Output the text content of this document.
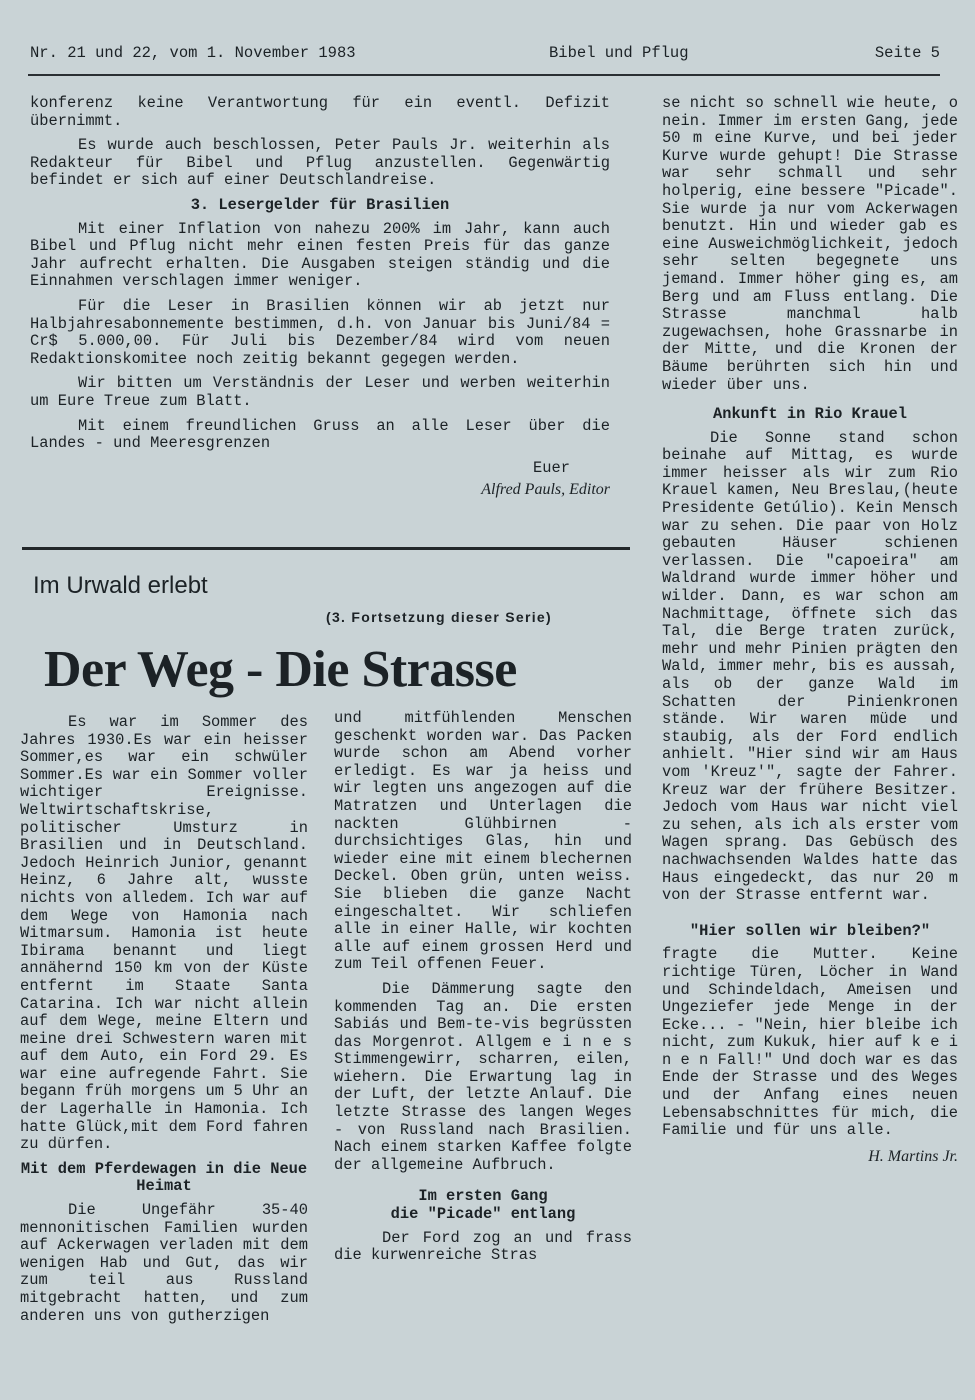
Nr. 21 und 22, vom 1. November 1983	Bibel und Pflug	Seite 5

konferenz keine Verantwortung für ein eventl. Defizit übernimmt.

Es wurde auch beschlossen, Peter Pauls Jr. weiterhin als Redakteur für Bibel und Pflug anzustellen. Gegenwärtig befindet er sich auf einer Deutschlandreise.

3. Lesergelder für Brasilien

Mit einer Inflation von nahezu 200% im Jahr, kann auch Bibel und Pflug nicht mehr einen festen Preis für das ganze Jahr aufrecht erhalten. Die Ausgaben steigen ständig und die Einnahmen verschlagen immer weniger.

Für die Leser in Brasilien können wir ab jetzt nur Halbjahresabonnemente bestimmen, d.h. von Januar bis Juni/84 = Cr$ 5.000,00. Für Juli bis Dezember/84 wird vom neuen Redaktionskomitee noch zeitig bekannt gegegen werden.

Wir bitten um Verständnis der Leser und werben weiterhin um Eure Treue zum Blatt.

Mit einem freundlichen Gruss an alle Leser über die Landes - und Meeresgrenzen

Euer

Alfred Pauls, Editor

Im Urwald erlebt
(3. Fortsetzung dieser Serie)
Der Weg - Die Strasse

Es war im Sommer des Jahres 1930.Es war ein heisser Sommer,es war ein schwüler Sommer.Es war ein Sommer voller wichtiger Ereignisse. Weltwirtschaftskrise, politischer Umsturz in Brasilien und in Deutschland. Jedoch Heinrich Junior, genannt Heinz, 6 Jahre alt, wusste nichts von alledem. Ich war auf dem Wege von Hamonia nach Witmarsum. Hamonia ist heute Ibirama benannt und liegt annähernd 150 km von der Küste entfernt im Staate Santa Catarina. Ich war nicht allein auf dem Wege, meine Eltern und meine drei Schwestern waren mit auf dem Auto, ein Ford 29. Es war eine aufregende Fahrt. Sie begann früh morgens um 5 Uhr an der Lagerhalle in Hamonia. Ich hatte Glück,mit dem Ford fahren zu dürfen.

Mit dem Pferdewagen in die Neue Heimat

Die Ungefähr 35-40 mennonitischen Familien wurden auf Ackerwagen verladen mit dem wenigen Hab und Gut, das wir zum teil aus Russland mitgebracht hatten, und zum anderen uns von gutherzigen

und mitfühlenden Menschen geschenkt worden war. Das Packen wurde schon am Abend vorher erledigt. Es war ja heiss und wir legten uns angezogen auf die Matratzen und Unterlagen die nackten Glühbirnen - durchsichtiges Glas, hin und wieder eine mit einem blechernen Deckel. Oben grün, unten weiss. Sie blieben die ganze Nacht eingeschaltet. Wir schliefen alle in einer Halle, wir kochten alle auf einem grossen Herd und zum Teil offenen Feuer.

Die Dämmerung sagte den kommenden Tag an. Die ersten Sabiás und Bem-te-vis begrüssten das Morgenrot. Allgem e i n e s Stimmengewirr, scharren, eilen, wiehern. Die Erwartung lag in der Luft, der letzte Anlauf. Die letzte Strasse des langen Weges - von Russland nach Brasilien. Nach einem starken Kaffee folgte der allgemeine Aufbruch.

Im ersten Gang
die "Picade" entlang

Der Ford zog an und frass die kurwenreiche Stras

se nicht so schnell wie heute, o nein. Immer im ersten Gang, jede 50 m eine Kurve, und bei jeder Kurve wurde gehupt! Die Strasse war sehr schmall und sehr holperig, eine bessere "Picade". Sie wurde ja nur vom Ackerwagen benutzt. Hin und wieder gab es eine Ausweichmöglichkeit, jedoch sehr selten begegnete uns jemand. Immer höher ging es, am Berg und am Fluss entlang. Die Strasse manchmal halb zugewachsen, hohe Grassnarbe in der Mitte, und die Kronen der Bäume berührten sich hin und wieder über uns.

Ankunft in Rio Krauel

Die Sonne stand schon beinahe auf Mittag, es wurde immer heisser als wir zum Rio Krauel kamen, Neu Breslau,(heute Presidente Getúlio). Kein Mensch war zu sehen. Die paar von Holz gebauten Häuser schienen verlassen. Die "capoeira" am Waldrand wurde immer höher und wilder. Dann, es war schon am Nachmittage, öffnete sich das Tal, die Berge traten zurück, mehr und mehr Pinien prägten den Wald, immer mehr, bis es aussah, als ob der ganze Wald im Schatten der Pinienkronen stände. Wir waren müde und staubig, als der Ford endlich anhielt. "Hier sind wir am Haus vom 'Kreuz'", sagte der Fahrer. Kreuz war der frühere Besitzer. Jedoch vom Haus war nicht viel zu sehen, als ich als erster vom Wagen sprang. Das Gebüsch des nachwachsenden Waldes hatte das Haus eingedeckt, das nur 20 m von der Strasse entfernt war.

"Hier sollen wir bleiben?"

fragte die Mutter. Keine richtige Türen, Löcher in Wand und Schindeldach, Ameisen und Ungeziefer jede Menge in der Ecke... - "Nein, hier bleibe ich nicht, zum Kukuk, hier auf k e i n e n Fall!" Und doch war es das Ende der Strasse und des Weges und der Anfang eines neuen Lebensabschnittes für mich, die Familie und für uns alle.

H. Martins Jr.
